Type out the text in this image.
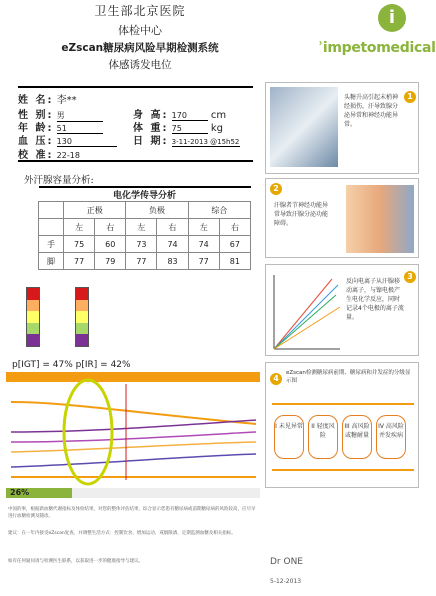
卫生部北京医院
体检中心
eZscan糖尿病风险早期检测系统
体感诱发电位
i
ʾimpetomedical
姓 名: 李**
性 别: 男
年 龄: 51
血 压: 130
校 准: 22-18
身 高: 170 cm
体 重: 75	kg
日 期: 3-11-2013 @15h52
外汗腺容量分析:
电化学传导分析						
	正极		负极		综合	
	左	右	左	右	左	右
手	75	60	73	74	74	67
脚	77	79	77	83	77	81
p[IGT] = 47% p[IR] = 42%
26%
中国的事，根据新血糖代谢指标及体检结果，对您的整体评估结果，综合显示您患有糖尿病或前期糖尿病的风险较高，应尽早进行血糖检测及随诊。
建议：在一年内接受eZscan复查，并调整生活方式：控制饮食、增加运动、戒烟限酒，定期监测血糖及相关指标。
如有任何疑问请与检测医生联系，以获取进一步的健康指导与建议。
头糖升高引起末梢神经损伤，汗导致腺分泌异常和神经功能异常。
1
2
汗腺者节神经功能异常导致汗腺分泌功能障碍。
3
反向电离子从汗腺移动离子，与镍电极产生电化学反应，同时记录4个电极的离子流量。
4
eZscan检测糖尿病前期、糖尿病和并发症的分级显示图
I 未见异常	II 轻度风险
III 高风险或糖耐量
IV 高风险并发疾病
Dr ONE
5-12-2013
